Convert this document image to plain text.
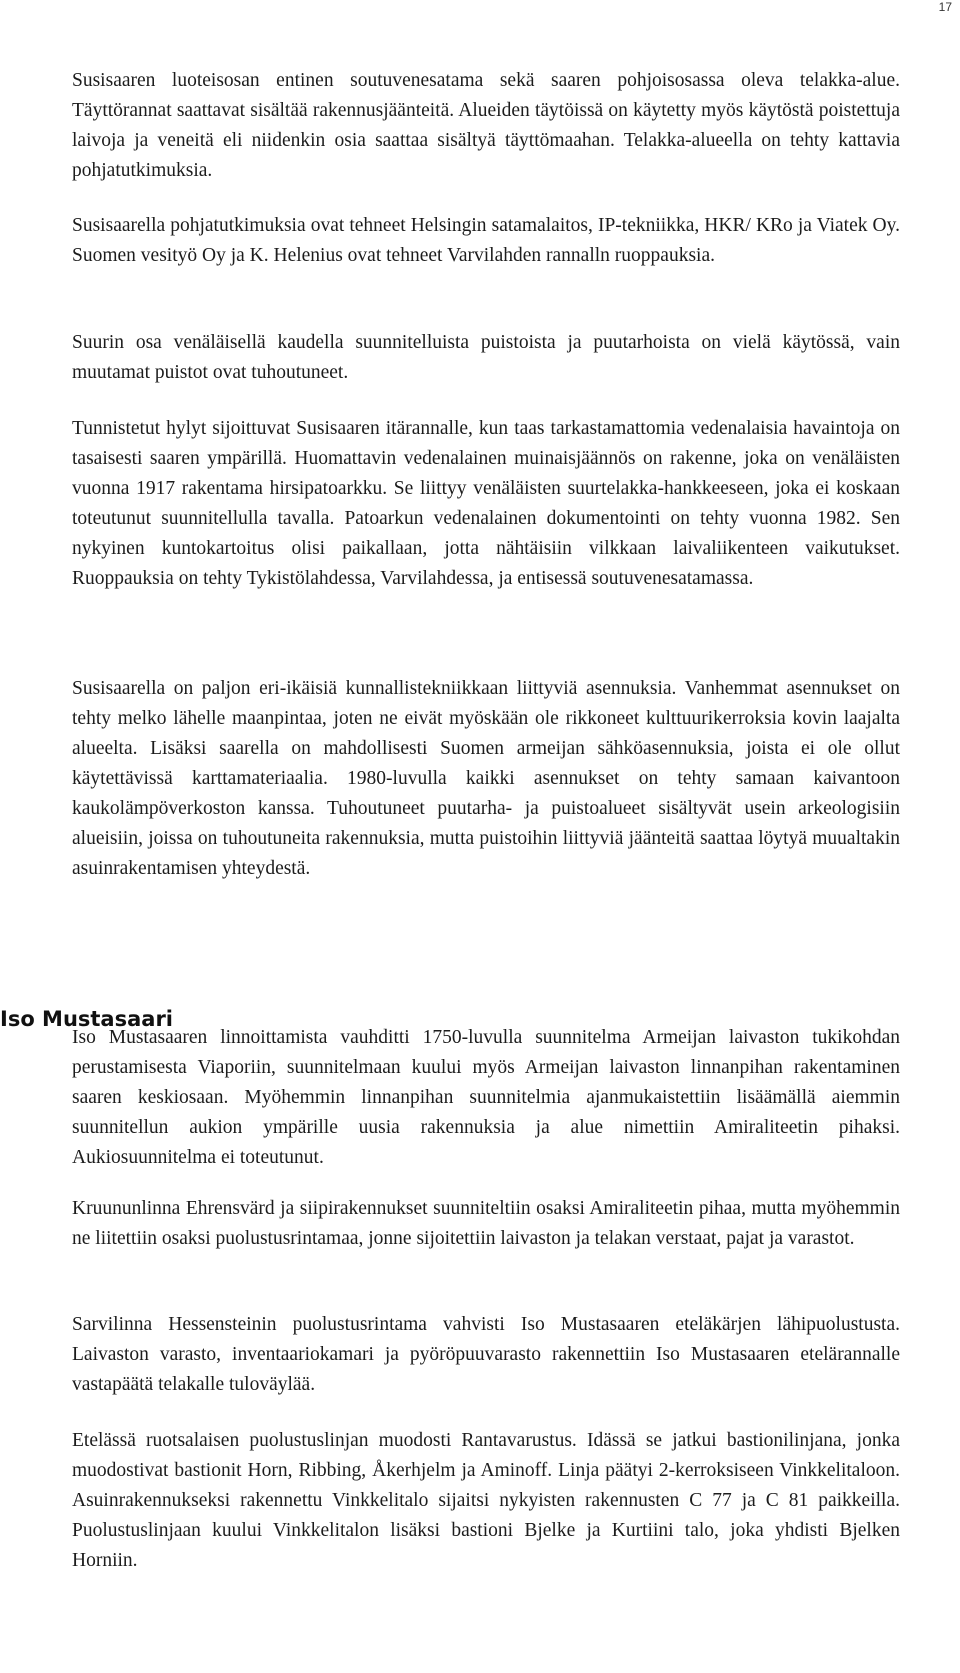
17

Susisaaren luoteisosan entinen soutuvenesatama sekä saaren pohjoisosassa oleva telakka-alue. Täyttörannat saattavat sisältää rakennusjäänteitä. Alueiden täytöissä on käytetty myös käytöstä poistettuja laivoja ja veneitä eli niidenkin osia saattaa sisältyä täyttömaahan. Telakka-alueella on tehty kattavia pohjatutkimuksia.

Susisaarella pohjatutkimuksia ovat tehneet Helsingin satamalaitos, IP-tekniikka, HKR/ KRo ja Viatek Oy. Suomen vesityö Oy ja K. Helenius ovat tehneet Varvilahden rannalln ruoppauksia.

Suurin osa venäläisellä kaudella suunnitelluista puistoista ja puutarhoista on vielä käytössä, vain muutamat puistot ovat tuhoutuneet.

Tunnistetut hylyt sijoittuvat Susisaaren itärannalle, kun taas tarkastamattomia vedenalaisia havaintoja on tasaisesti saaren ympärillä. Huomattavin vedenalainen muinaisjäännös on rakenne, joka on venäläisten vuonna 1917 rakentama hirsipatoarkku. Se liittyy venäläisten suurtelakka-hankkeeseen, joka ei koskaan toteutunut suunnitellulla tavalla. Patoarkun vedenalainen dokumentointi on tehty vuonna 1982. Sen nykyinen kuntokartoitus olisi paikallaan, jotta nähtäisiin vilkkaan laivaliikenteen vaikutukset. Ruoppauksia on tehty Tykistölahdessa, Varvilahdessa, ja entisessä soutuvenesatamassa.

Susisaarella on paljon eri-ikäisiä kunnallistekniikkaan liittyviä asennuksia. Vanhemmat asennukset on tehty melko lähelle maanpintaa, joten ne eivät myöskään ole rikkoneet kulttuurikerroksia kovin laajalta alueelta. Lisäksi saarella on mahdollisesti Suomen armeijan sähköasennuksia, joista ei ole ollut käytettävissä karttamateriaalia. 1980-luvulla kaikki asennukset on tehty samaan kaivantoon kaukolämpöverkoston kanssa. Tuhoutuneet puutarha- ja puistoalueet sisältyvät usein arkeologisiin alueisiin, joissa on tuhoutuneita rakennuksia, mutta puistoihin liittyviä jäänteitä saattaa löytyä muualtakin asuinrakentamisen yhteydestä.

Iso Mustasaari

Iso Mustasaaren linnoittamista vauhditti 1750-luvulla suunnitelma Armeijan laivaston tukikohdan perustamisesta Viaporiin, suunnitelmaan kuului myös Armeijan laivaston linnanpihan rakentaminen saaren keskiosaan. Myöhemmin linnanpihan suunnitelmia ajanmukaistettiin lisäämällä aiemmin suunnitellun aukion ympärille uusia rakennuksia ja alue nimettiin Amiraliteetin pihaksi. Aukiosuunnitelma ei toteutunut.

Kruununlinna Ehrensvärd ja siipirakennukset suunniteltiin osaksi Amiraliteetin pihaa, mutta myöhemmin ne liitettiin osaksi puolustusrintamaa, jonne sijoitettiin laivaston ja telakan verstaat, pajat ja varastot.

Sarvilinna Hessensteinin puolustusrintama vahvisti Iso Mustasaaren eteläkärjen lähipuolustusta. Laivaston varasto, inventaariokamari ja pyöröpuuvarasto rakennettiin Iso Mustasaaren etelärannalle vastapäätä telakalle tuloväylää.

Etelässä ruotsalaisen puolustuslinjan muodosti Rantavarustus. Idässä se jatkui bastionilinjana, jonka muodostivat bastionit Horn, Ribbing, Åkerhjelm ja Aminoff. Linja päätyi 2-kerroksiseen Vinkkelitaloon. Asuinrakennukseksi rakennettu Vinkkelitalo sijaitsi nykyisten rakennusten C 77 ja C 81 paikkeilla. Puolustuslinjaan kuului Vinkkelitalon lisäksi bastioni Bjelke ja Kurtiini talo, joka yhdisti Bjelken Horniin.
